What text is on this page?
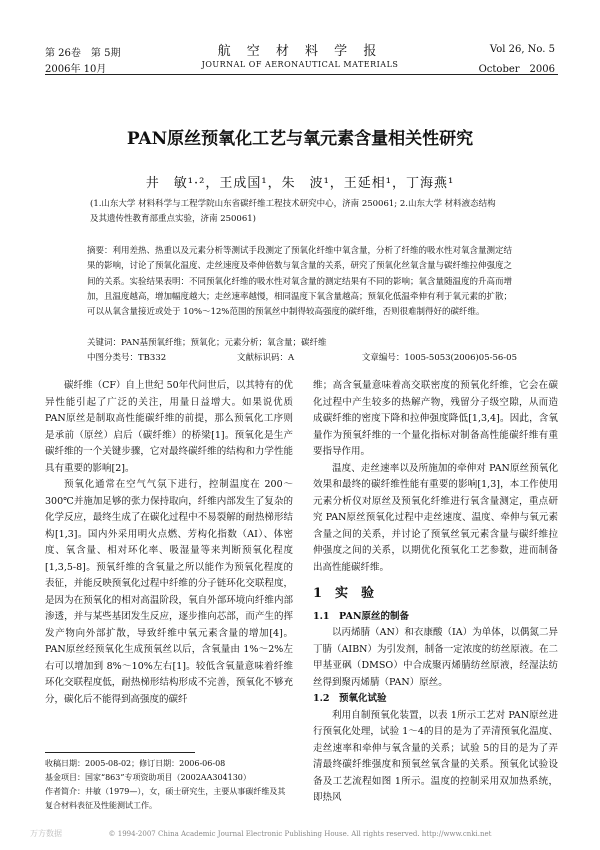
第 26卷　第 5期
2006年 10月
航 空 材 料 学 报
JOURNAL OF AERONAUTICAL MATERIALS
Vol 26, No. 5
October　2006
PAN原丝预氧化工艺与氧元素含量相关性研究
井　敏¹·²，王成国¹，朱　波¹，王延相¹，丁海燕¹
(1.山东大学 材料科学与工程学院山东省碳纤维工程技术研究中心，济南 250061; 2.山东大学 材料液态结构
及其遗传性教育部重点实验，济南 250061)
摘要：利用差热、热重以及元素分析等测试手段测定了预氧化纤维中氧含量，分析了纤维的吸水性对氧含量测定结果的影响，讨论了预氧化温度、走丝速度及牵伸倍数与氧含量的关系，研究了预氧化丝氧含量与碳纤维拉伸强度之间的关系。实验结果表明：不同预氧化纤维的吸水性对氧含量的测定结果有不同的影响；氧含量随温度的升高而增加，且温度越高，增加幅度越大；走丝速率越慢，相同温度下氧含量越高；预氧化低温牵伸有利于氧元素的扩散；可以从氧含量接近或处于 10%～12%范围的预氧丝中制得较高强度的碳纤维，否则很难制得好的碳纤维。
关键词：PAN基预氧纤维；预氧化；元素分析；氧含量；碳纤维
中图分类号：TB332	文献标识码：A	文章编号：1005-5053(2006)05-56-05

碳纤维（CF）自上世纪 50年代问世后，以其特有的优异性能引起了广泛的关注，用量日益增大。如果说优质 PAN原丝是制取高性能碳纤维的前提，那么预氧化工序则是承前（原丝）启后（碳纤维）的桥梁[1]。预氧化是生产碳纤维的一个关键步骤，它对最终碳纤维的结构和力学性能具有重要的影响[2]。

预氧化通常在空气气氛下进行，控制温度在 200～300℃并施加足够的张力保持取向，纤维内部发生了复杂的化学反应，最终生成了在碳化过程中不易裂解的耐热梯形结构[1,3]。国内外采用明火点燃、芳构化指数（AI）、体密度、氧含量、相对环化率、吸湿量等来判断预氧化程度[1,3,5-8]。预氧纤维的含氧量之所以能作为预氧化程度的表征，并能反映预氧化过程中纤维的分子链环化交联程度，是因为在预氧化的相对高温阶段，氧自外部环境向纤维内部渗透，并与某些基团发生反应，逐步推向芯部，而产生的挥发产物向外部扩散，导致纤维中氧元素含量的增加[4]。PAN原丝经预氧化生成预氧丝以后，含氧量由 1%～2%左右可以增加到 8%～10%左右[1]。较低含氧量意味着纤维环化交联程度低，耐热梯形结构形成不完善，预氧化不够充分，碳化后不能得到高强度的碳纤

收稿日期：2005-08-02；修订日期：2006-06-08
基金项目：国家“863”专项资助项目（2002AA304130）
作者简介：井敏（1979—），女，硕士研究生，主要从事碳纤维及其复合材料表征及性能测试工作。

维；高含氧量意味着高交联密度的预氧化纤维，它会在碳化过程中产生较多的热解产物，残留分子级空隙，从而造成碳纤维的密度下降和拉伸强度降低[1,3,4]。因此，含氧量作为预氧纤维的一个量化指标对制备高性能碳纤维有重要指导作用。

温度、走丝速率以及所施加的牵伸对 PAN原丝预氧化效果和最终的碳纤维性能有重要的影响[1,3]，本工作使用元素分析仪对原丝及预氧化纤维进行氧含量测定，重点研究 PAN原丝预氧化过程中走丝速度、温度、牵伸与氧元素含量之间的关系，并讨论了预氧丝氧元素含量与碳纤维拉伸强度之间的关系，以期优化预氧化工艺参数，进而制备出高性能碳纤维。

1　实　验
1.1　PAN原丝的制备

以丙烯腈（AN）和衣康酸（IA）为单体，以偶氮二异丁腈（AIBN）为引发剂，制备一定浓度的纺丝原液。在二甲基亚砜（DMSO）中合成聚丙烯腈纺丝原液，经湿法纺丝得到聚丙烯腈（PAN）原丝。

1.2　预氧化试验

利用自制预氧化装置，以表 1所示工艺对 PAN原丝进行预氧化处理，试验 1～4的目的是为了弄清预氧化温度、走丝速率和牵伸与氧含量的关系；试验 5的目的是为了弄清最终碳纤维强度和预氧丝氧含量的关系。预氧化试验设备及工艺流程如图 1所示。温度的控制采用双加热系统，即热风

万方数据	© 1994-2007 China Academic Journal Electronic Publishing House. All rights reserved. http://www.cnki.net
